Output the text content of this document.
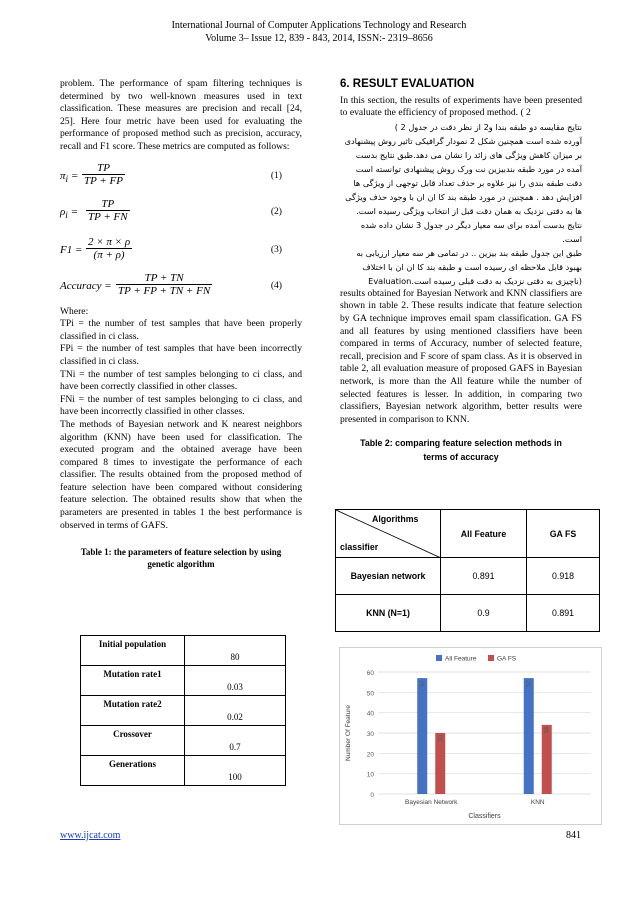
International Journal of Computer Applications Technology and Research
Volume 3– Issue 12, 839 - 843, 2014, ISSN:- 2319–8656

problem. The performance of spam filtering techniques is determined by two well-known measures used in text classification. These measures are precision and recall [24, 25]. Here four metric have been used for evaluating the performance of proposed method such as precision, accuracy, recall and F1 score. These metrics are computed as follows:

$\pi_i = \frac{TP}{TP + FP}$	(1)
$\rho_i = \frac{TP}{TP + FN}$	(2)
$F1 = \frac{2 \times \pi \times \rho}{(\pi + \rho)}$	(3)
Accuracy = $\frac{TP + TN}{TP + FP + TN + FN}$	(4)

Where:

TPi = the number of test samples that have been properly classified in ci class.

FPi = the number of test samples that have been incorrectly classified in ci class.

TNi = the number of test samples belonging to ci class, and have been correctly classified in other classes.

FNi = the number of test samples belonging to ci class, and have been incorrectly classified in other classes.

The methods of Bayesian network and K nearest neighbors algorithm (KNN) have been used for classification. The executed program and the obtained average have been compared 8 times to investigate the performance of each classifier. The results obtained from the proposed method of feature selection have been compared without considering feature selection. The obtained results show that when the parameters are presented in tables 1 the best performance is observed in terms of GAFS.

Table 1: the parameters of feature selection by using genetic algorithm

Initial population	80
Mutation rate1	0.03
Mutation rate2	0.02
Crossover	0.7
Generations	100
6. RESULT EVALUATION

In this section, the results of experiments have been presented to evaluate the efficiency of proposed method. ( 2

نتایج مقایسه دو طبقه بندا و2 از نظر دقت در جدول 2 )
آورده شده است همچنین شکل 2 نمودار گرافیکی تاثیر روش پیشنهادی
بر میزان کاهش ویژگی های زائد را نشان می دهد.طبق نتایج بدست
آمده در مورد طبقه بندبیزین نت ورک روش پیشنهادی توانسته است
دقت طبقه بندی را نیز علاوه بر حذف تعداد قابل توجهی از ویژگی ها
افزایش دهد . همچنین در مورد طبقه بند کا ان ان با وجود حذف ویژگی
ها به دقتی نزدیک به همان دقت قبل از انتخاب ویژگی رسیده است.
نتایج بدست آمده برای سه معیار دیگر در جدول 3 نشان داده شده است.
طبق این جدول طبقه بند بیزین .. در تمامی هر سه معیار ارزیابی به
بهبود قابل ملاحظه ای رسیده است و طبقه بند کا ان ان با اختلاف
(ناچیزی به دقتی نزدیک به دقت قبلی رسیده است.Evaluation

results obtained for Bayesian Network and KNN classifiers are shown in table 2. These results indicate that feature selection by GA technique improves email spam classification. GA FS and all features by using mentioned classifiers have been compared in terms of Accuracy, number of selected feature, recall, precision and F score of spam class. As it is observed in table 2, all evaluation measure of proposed GAFS in Bayesian network, is more than the All feature while the number of selected features is lesser. In addition, in comparing two classifiers, Bayesian network algorithm, better results were presented in comparison to KNN.

Table 2: comparing feature selection methods in terms of accuracy

Algorithms
classifier	All Feature	GA FS
Bayesian network	0.891	0.918
KNN (N=1)	0.9	0.891
0
10
20
30
40
50
60
All Feature	GA FS
57
30
Bayesian Network
57
34
KNN
Classifiers
Number Of Feature
www.ijcat.com	841
